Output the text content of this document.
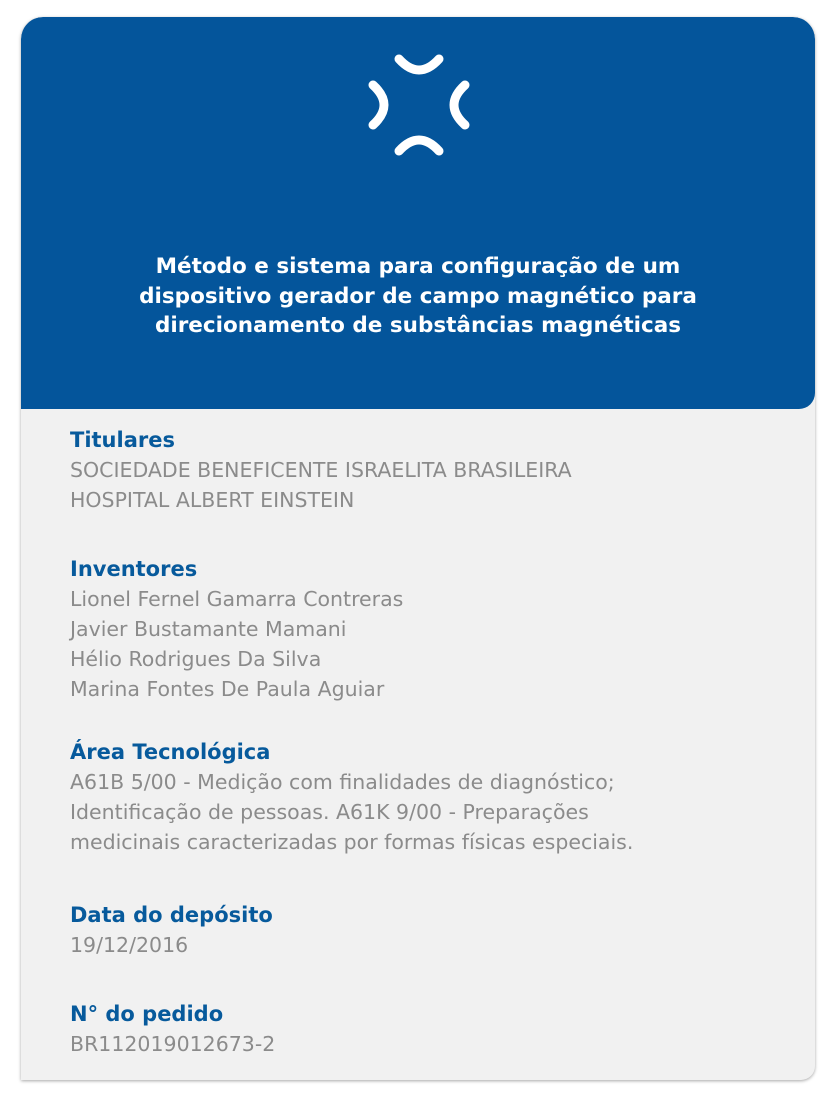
Método e sistema para configuração de um
dispositivo gerador de campo magnético para
direcionamento de substâncias magnéticas

Titulares

SOCIEDADE BENEFICENTE ISRAELITA BRASILEIRA

HOSPITAL ALBERT EINSTEIN

Inventores

Lionel Fernel Gamarra Contreras
Javier Bustamante Mamani
Hélio Rodrigues Da Silva
Marina Fontes De Paula Aguiar

Área Tecnológica

A61B 5/00 - Medição com finalidades de diagnóstico;

Identificação de pessoas. A61K 9/00 - Preparações

medicinais caracterizadas por formas físicas especiais.

Data do depósito

19/12/2016

N° do pedido

BR112019012673-2
